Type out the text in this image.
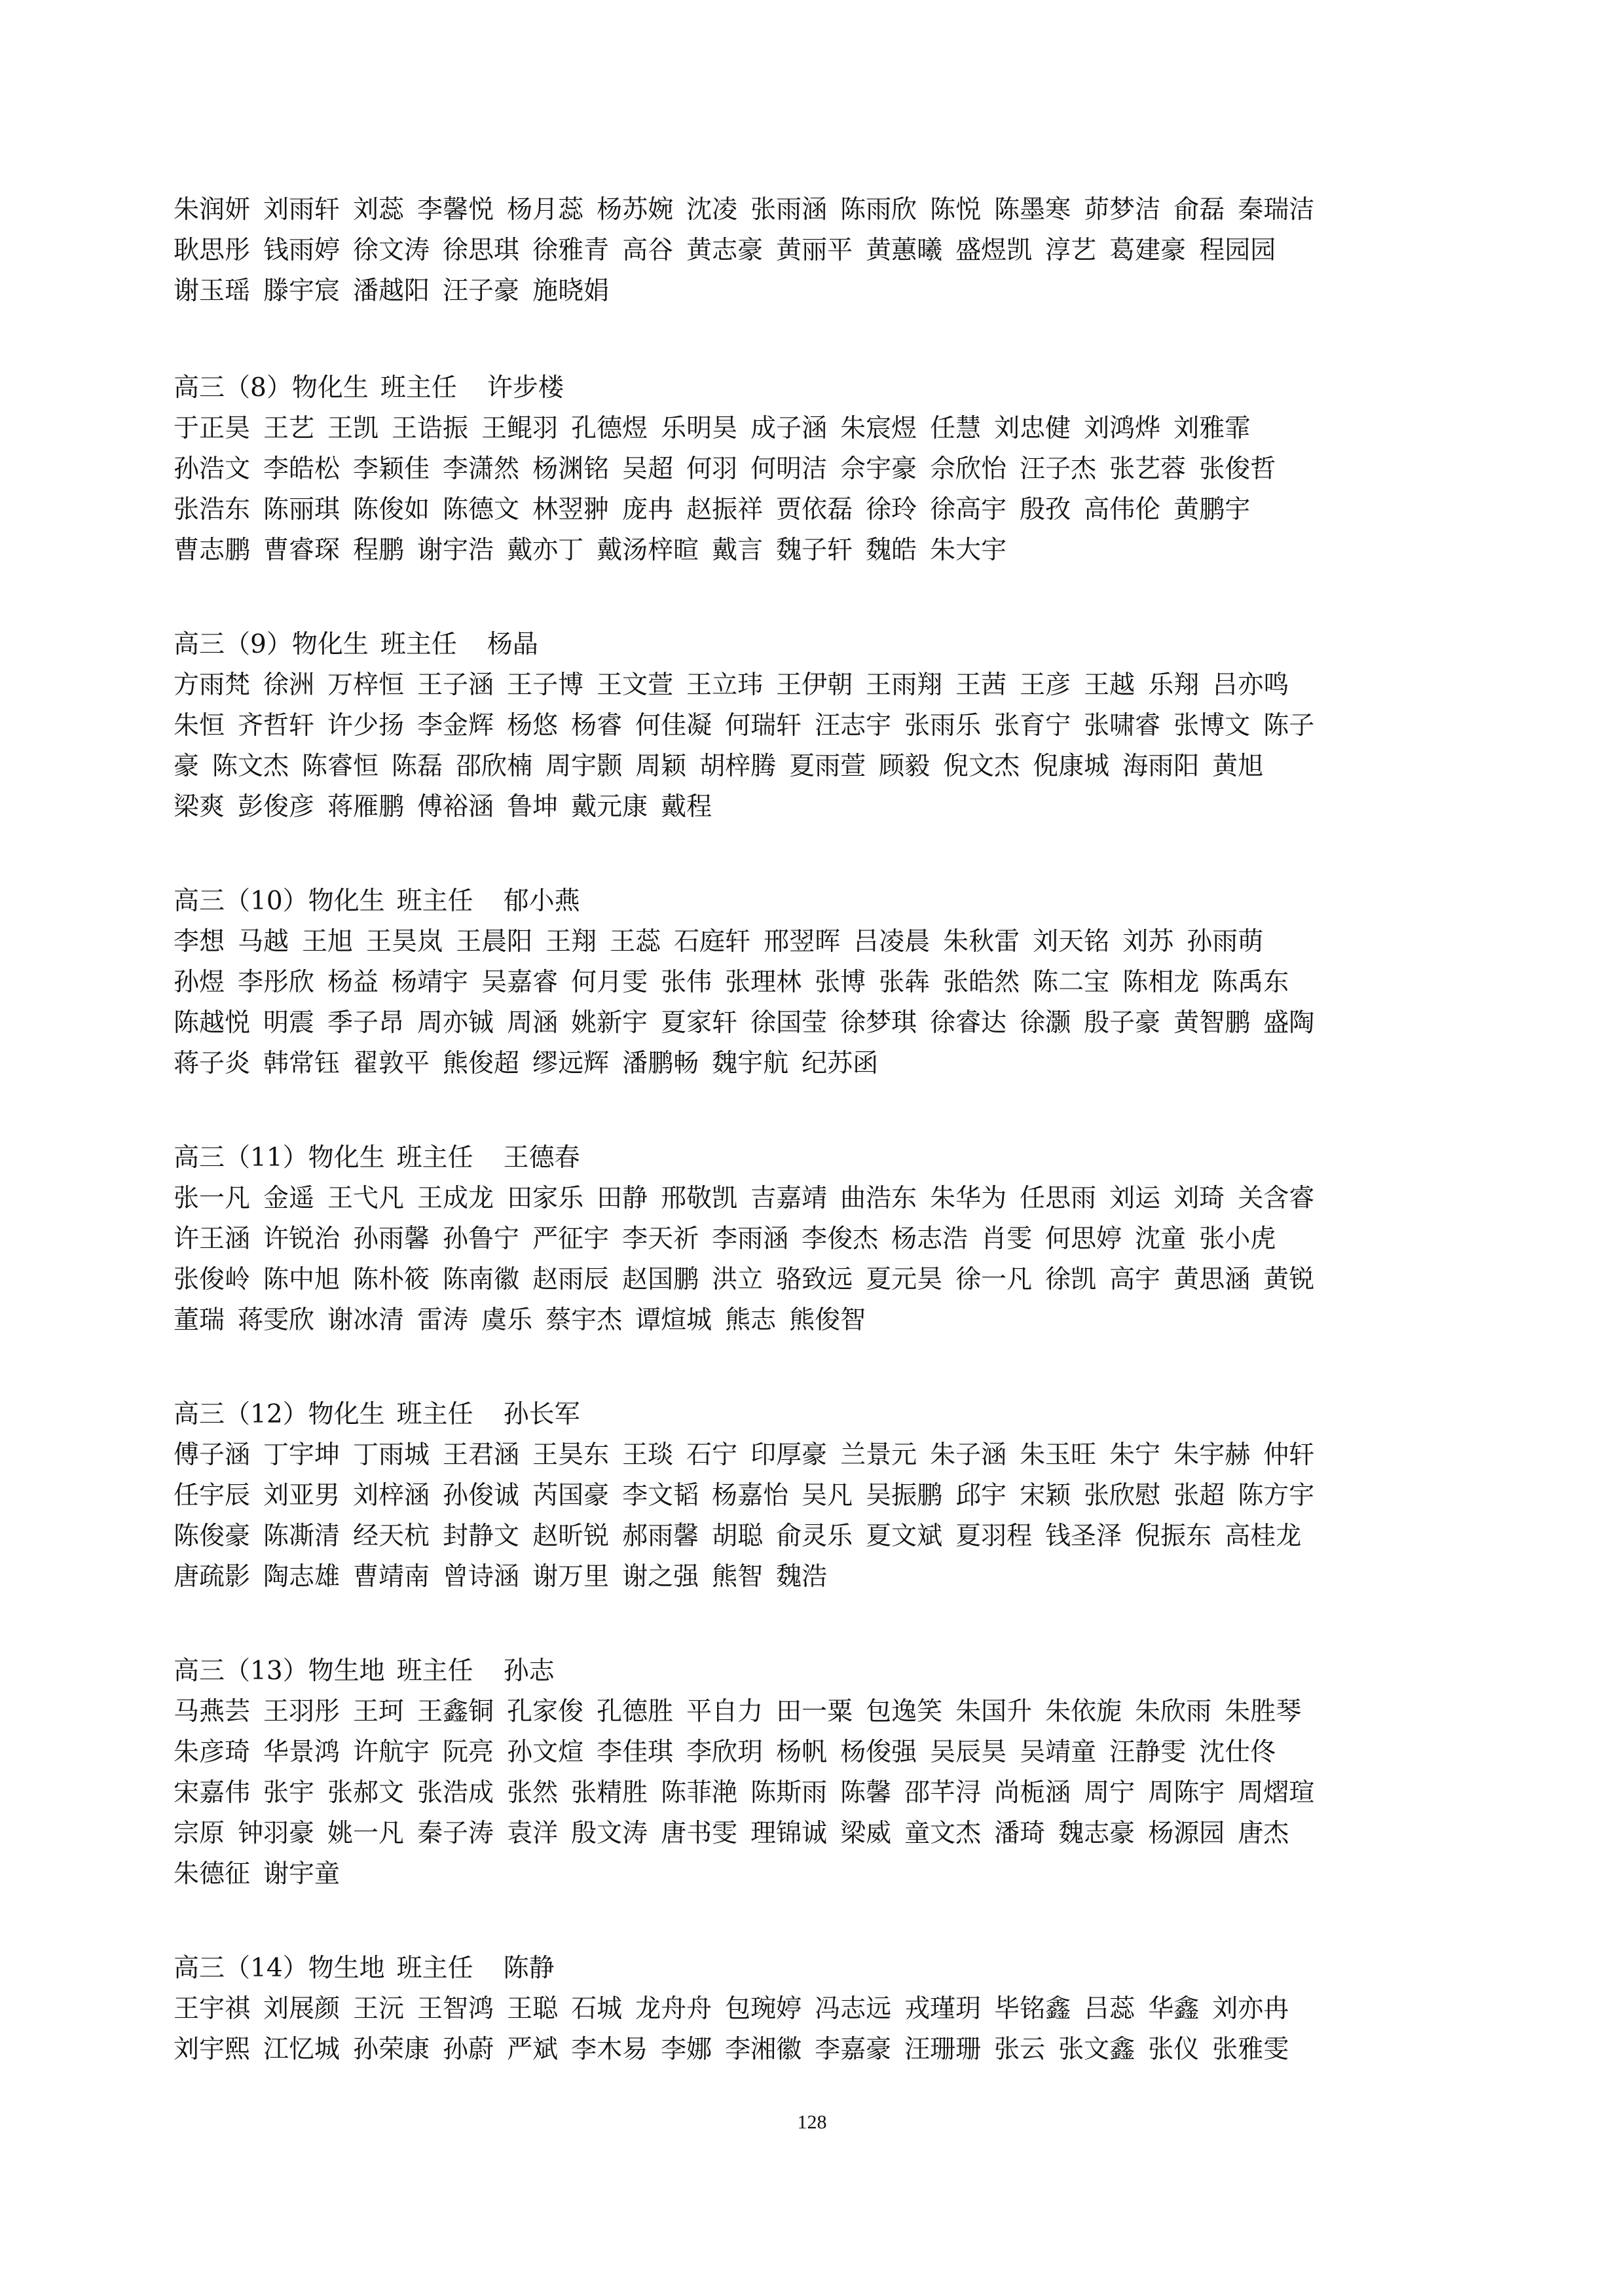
朱润妍 刘雨轩 刘蕊 李馨悦 杨月蕊 杨苏婉 沈凌 张雨涵 陈雨欣 陈悦 陈墨寒 茆梦洁 俞磊 秦瑞洁
耿思彤 钱雨婷 徐文涛 徐思琪 徐雅青 高谷 黄志豪 黄丽平 黄蕙曦 盛煜凯 淳艺 葛建豪 程园园
谢玉瑶 滕宇宸 潘越阳 汪子豪 施晓娟
高三（8）物化生 班主任 许步楼
于正昊 王艺 王凯 王诰振 王鲲羽 孔德煜 乐明昊 成子涵 朱宸煜 任慧 刘忠健 刘鸿烨 刘雅霏
孙浩文 李皓松 李颖佳 李潇然 杨渊铭 吴超 何羽 何明洁 佘宇豪 佘欣怡 汪子杰 张艺蓉 张俊哲
张浩东 陈丽琪 陈俊如 陈德文 林翌翀 庞冉 赵振祥 贾依磊 徐玲 徐高宇 殷孜 高伟伦 黄鹏宇
曹志鹏 曹睿琛 程鹏 谢宇浩 戴亦丁 戴汤梓暄 戴言 魏子轩 魏皓 朱大宇
高三（9）物化生 班主任 杨晶
方雨梵 徐洲 万梓恒 王子涵 王子博 王文萱 王立玮 王伊朝 王雨翔 王茜 王彦 王越 乐翔 吕亦鸣
朱恒 齐哲轩 许少扬 李金辉 杨悠 杨睿 何佳凝 何瑞轩 汪志宇 张雨乐 张育宁 张啸睿 张博文 陈子
豪 陈文杰 陈睿恒 陈磊 邵欣楠 周宇颢 周颖 胡梓腾 夏雨萱 顾毅 倪文杰 倪康城 海雨阳 黄旭
梁爽 彭俊彦 蒋雁鹏 傅裕涵 鲁坤 戴元康 戴程
高三（10）物化生 班主任 郁小燕
李想 马越 王旭 王昊岚 王晨阳 王翔 王蕊 石庭轩 邢翌晖 吕凌晨 朱秋雷 刘天铭 刘苏 孙雨萌
孙煜 李彤欣 杨益 杨靖宇 吴嘉睿 何月雯 张伟 张理林 张博 张犇 张皓然 陈二宝 陈相龙 陈禹东
陈越悦 明震 季子昂 周亦铖 周涵 姚新宇 夏家轩 徐国莹 徐梦琪 徐睿达 徐灏 殷子豪 黄智鹏 盛陶
蒋子炎 韩常钰 翟敦平 熊俊超 缪远辉 潘鹏畅 魏宇航 纪苏函
高三（11）物化生 班主任 王德春
张一凡 金遥 王弋凡 王成龙 田家乐 田静 邢敬凯 吉嘉靖 曲浩东 朱华为 任思雨 刘运 刘琦 关含睿
许王涵 许锐治 孙雨馨 孙鲁宁 严征宇 李天祈 李雨涵 李俊杰 杨志浩 肖雯 何思婷 沈童 张小虎
张俊岭 陈中旭 陈朴筱 陈南徽 赵雨辰 赵国鹏 洪立 骆致远 夏元昊 徐一凡 徐凯 高宇 黄思涵 黄锐
董瑞 蒋雯欣 谢冰清 雷涛 虞乐 蔡宇杰 谭煊城 熊志 熊俊智
高三（12）物化生 班主任 孙长军
傅子涵 丁宇坤 丁雨城 王君涵 王昊东 王琰 石宁 印厚豪 兰景元 朱子涵 朱玉旺 朱宁 朱宇赫 仲轩
任宇辰 刘亚男 刘梓涵 孙俊诚 芮国豪 李文韬 杨嘉怡 吴凡 吴振鹏 邱宇 宋颖 张欣慰 张超 陈方宇
陈俊豪 陈凘清 经天杭 封静文 赵昕锐 郝雨馨 胡聪 俞灵乐 夏文斌 夏羽程 钱圣泽 倪振东 高桂龙
唐疏影 陶志雄 曹靖南 曾诗涵 谢万里 谢之强 熊智 魏浩
高三（13）物生地 班主任 孙志
马燕芸 王羽彤 王珂 王鑫铜 孔家俊 孔德胜 平自力 田一粟 包逸笑 朱国升 朱依旎 朱欣雨 朱胜琴
朱彦琦 华景鸿 许航宇 阮亮 孙文煊 李佳琪 李欣玥 杨帆 杨俊强 吴辰昊 吴靖童 汪静雯 沈仕佟
宋嘉伟 张宇 张郝文 张浩成 张然 张精胜 陈菲滟 陈斯雨 陈馨 邵芊浔 尚栀涵 周宁 周陈宇 周熠瑄
宗原 钟羽豪 姚一凡 秦子涛 袁洋 殷文涛 唐书雯 理锦诚 梁威 童文杰 潘琦 魏志豪 杨源园 唐杰
朱德征 谢宇童
高三（14）物生地 班主任 陈静
王宇祺 刘展颜 王沅 王智鸿 王聪 石城 龙舟舟 包琬婷 冯志远 戎瑾玥 毕铭鑫 吕蕊 华鑫 刘亦冉
刘宇熙 江忆城 孙荣康 孙蔚 严斌 李木易 李娜 李湘徽 李嘉豪 汪珊珊 张云 张文鑫 张仪 张雅雯
128
